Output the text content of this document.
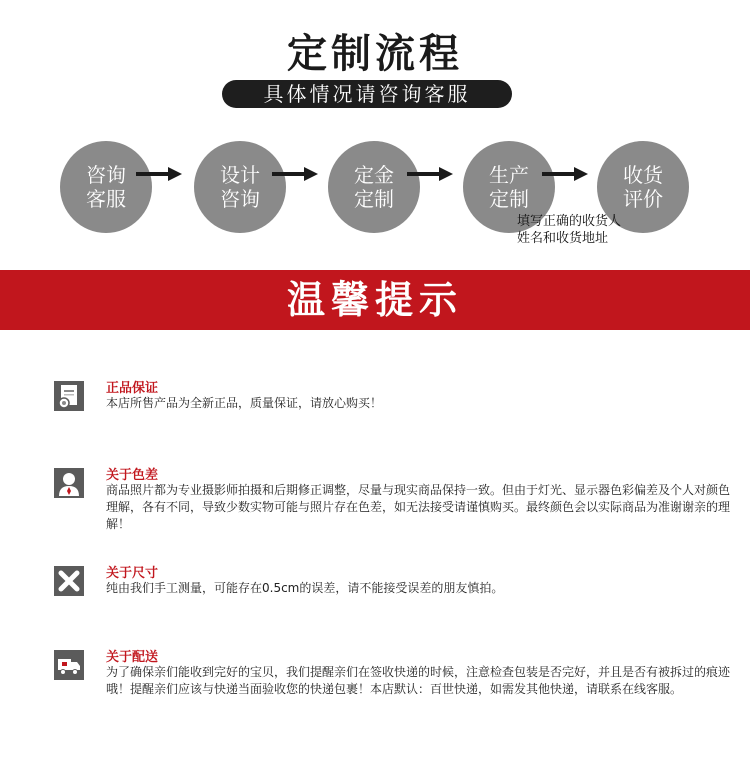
定制流程
具体情况请咨询客服
咨询
客服
设计
咨询
定金
定制
生产
定制
收货
评价
填写正确的收货人
姓名和收货地址
温馨提示
正品保证
本店所售产品为全新正品，质量保证，请放心购买！
关于色差
商品照片都为专业摄影师拍摄和后期修正调整，尽量与现实商品保持一致。但由于灯光、显示器色彩偏差及个人对颜色理解，各有不同，导致少数实物可能与照片存在色差，如无法接受请谨慎购买。最终颜色会以实际商品为准谢谢亲的理解！
关于尺寸
纯由我们手工测量，可能存在0.5cm的误差，请不能接受误差的朋友慎拍。
关于配送
为了确保亲们能收到完好的宝贝，我们提醒亲们在签收快递的时候，注意检查包装是否完好，并且是否有被拆过的痕迹哦！提醒亲们应该与快递当面验收您的快递包裹！本店默认：百世快递，如需发其他快递，请联系在线客服。
